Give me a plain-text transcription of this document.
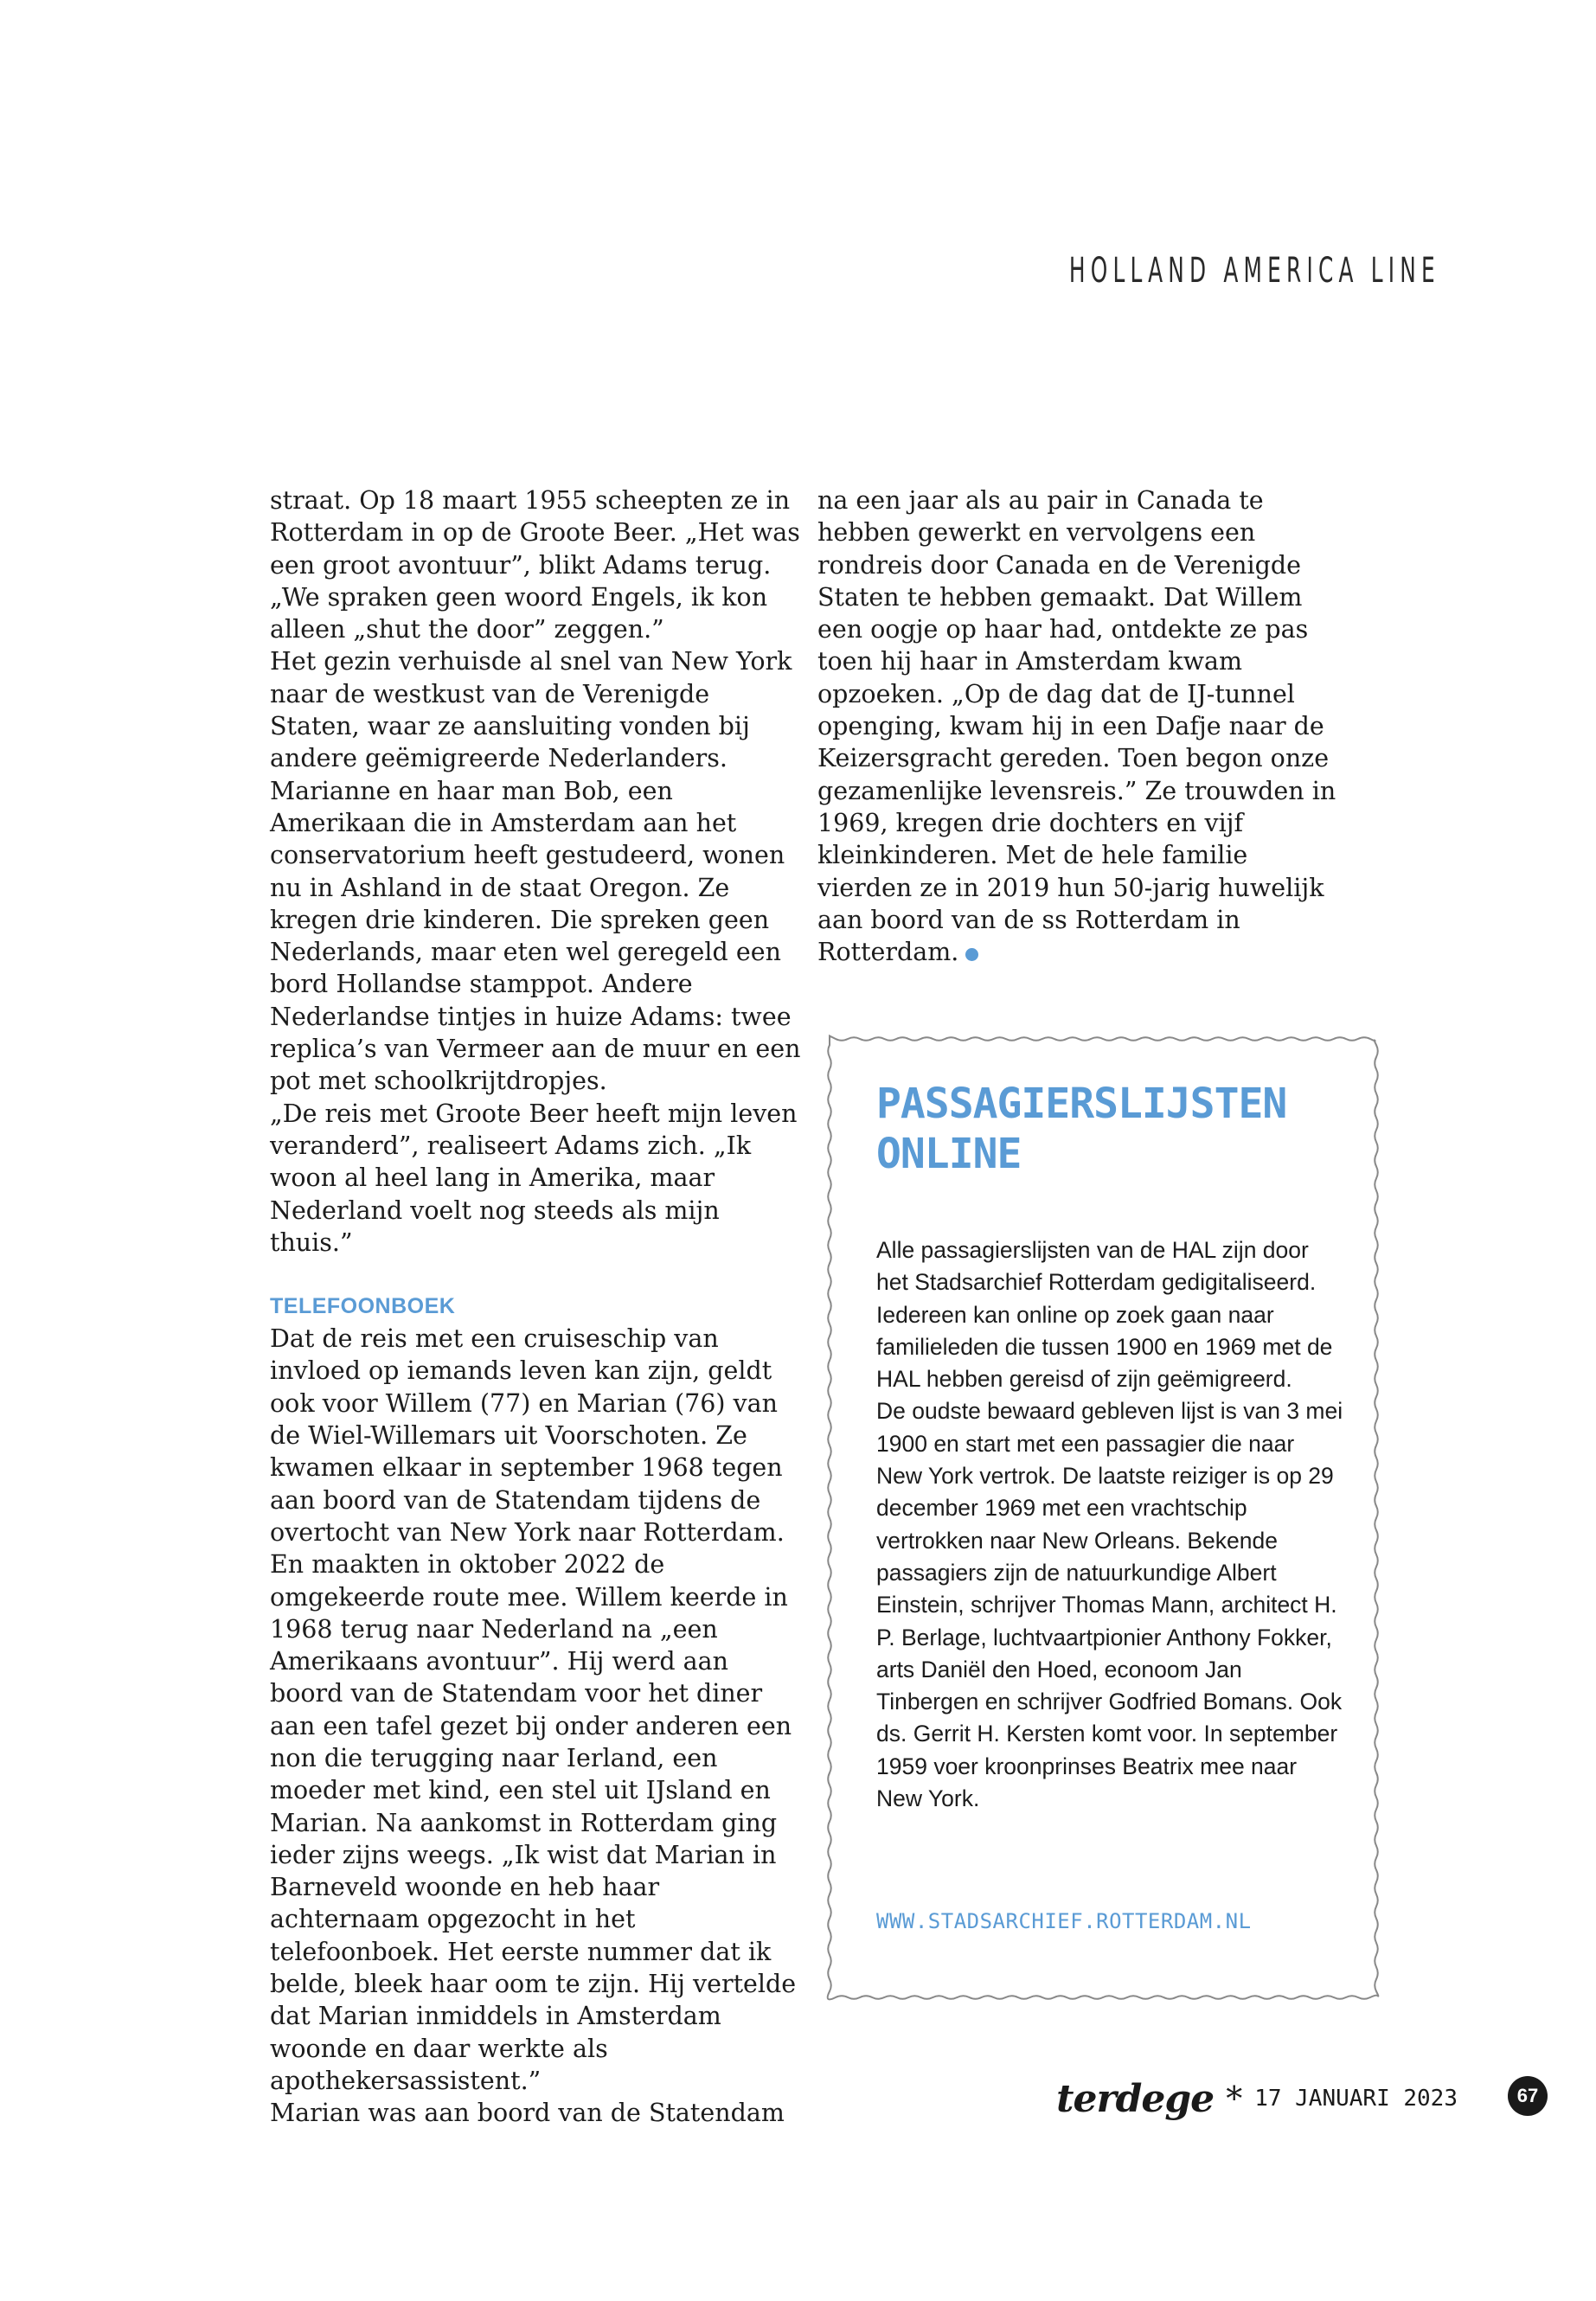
HOLLAND AMERICA LINE

straat. Op 18 maart 1955 scheepten ze in Rotterdam in op de Groote Beer. „Het was een groot avontuur”, blikt Adams terug. „We spraken geen woord Engels, ik kon alleen „shut the door” zeggen.”

Het gezin verhuisde al snel van New York naar de westkust van de Verenigde Staten, waar ze aansluiting vonden bij andere geëmigreerde Nederlanders. Marianne en haar man Bob, een Amerikaan die in Amsterdam aan het conservatorium heeft gestudeerd, wonen nu in Ashland in de staat Oregon. Ze kregen drie kinderen. Die spreken geen Nederlands, maar eten wel geregeld een bord Hollandse stamppot. Andere Nederlandse tintjes in huize Adams: twee replica’s van Vermeer aan de muur en een pot met schoolkrijtdropjes.

„De reis met Groote Beer heeft mijn leven veranderd”, realiseert Adams zich. „Ik woon al heel lang in Amerika, maar Nederland voelt nog steeds als mijn thuis.”

TELEFOONBOEK

Dat de reis met een cruiseschip van invloed op iemands leven kan zijn, geldt ook voor Willem (77) en Marian (76) van de Wiel-Willemars uit Voorschoten. Ze kwamen elkaar in september 1968 tegen aan boord van de Statendam tijdens de overtocht van New York naar Rotterdam. En maakten in oktober 2022 de omgekeerde route mee. Willem keerde in 1968 terug naar Nederland na „een Amerikaans avontuur”. Hij werd aan boord van de Statendam voor het diner aan een tafel gezet bij onder anderen een non die terugging naar Ierland, een moeder met kind, een stel uit IJsland en Marian. Na aankomst in Rotterdam ging ieder zijns weegs. „Ik wist dat Marian in Barneveld woonde en heb haar achternaam opgezocht in het telefoonboek. Het eerste nummer dat ik belde, bleek haar oom te zijn. Hij vertelde dat Marian inmiddels in Amsterdam woonde en daar werkte als apothekersassistent.”

Marian was aan boord van de Statendam

na een jaar als au pair in Canada te hebben gewerkt en vervolgens een rondreis door Canada en de Verenigde Staten te hebben gemaakt. Dat Willem een oogje op haar had, ontdekte ze pas toen hij haar in Amsterdam kwam opzoeken. „Op de dag dat de IJ-tunnel openging, kwam hij in een Dafje naar de Keizersgracht gereden. Toen begon onze gezamenlijke levensreis.” Ze trouwden in 1969, kregen drie dochters en vijf kleinkinderen. Met de hele familie vierden ze in 2019 hun 50-jarig huwelijk aan boord van de ss Rotterdam in Rotterdam.

PASSAGIERSLIJSTEN ONLINE

Alle passagierslijsten van de HAL zijn door het Stadsarchief Rotterdam gedigitaliseerd. Iedereen kan online op zoek gaan naar familieleden die tussen 1900 en 1969 met de HAL hebben gereisd of zijn geëmigreerd.

De oudste bewaard gebleven lijst is van 3 mei 1900 en start met een passagier die naar New York vertrok. De laatste reiziger is op 29 december 1969 met een vrachtschip vertrokken naar New Orleans. Bekende passagiers zijn de natuurkundige Albert Einstein, schrijver Thomas Mann, architect H. P. Berlage, luchtvaartpionier Anthony Fokker, arts Daniël den Hoed, econoom Jan Tinbergen en schrijver Godfried Bomans. Ook ds. Gerrit H. Kersten komt voor. In september 1959 voer kroonprinses Beatrix mee naar New York.

WWW.STADSARCHIEF.ROTTERDAM.NL
terdege * 17 JANUARI 2023	67
